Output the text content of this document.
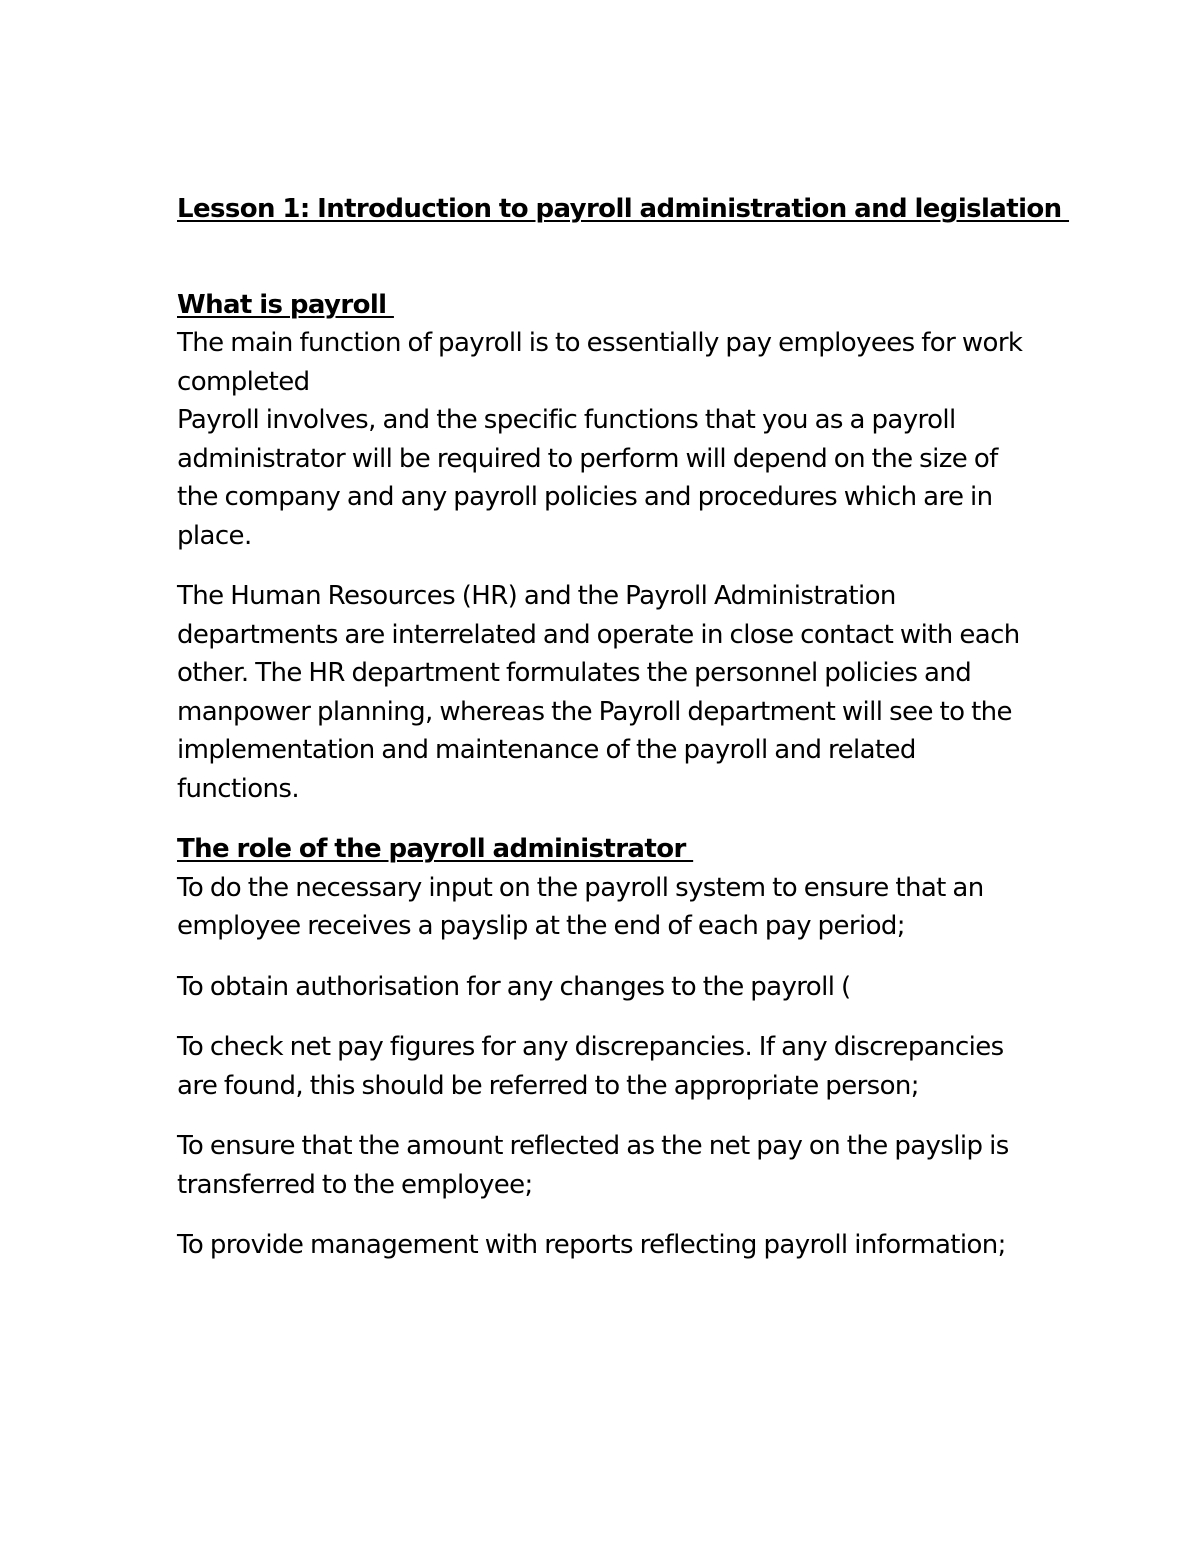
Lesson 1: Introduction to payroll administration and legislation
What is payroll

The main function of payroll is to essentially pay employees for work completed

Payroll involves, and the specific functions that you as a payroll administrator will be required to perform will depend on the size of the company and any payroll policies and procedures which are in place.

The Human Resources (HR) and the Payroll Administration departments are interrelated and operate in close contact with each other. The HR department formulates the personnel policies and manpower planning, whereas the Payroll department will see to the implementation and maintenance of the payroll and related functions.

The role of the payroll administrator

To do the necessary input on the payroll system to ensure that an employee receives a payslip at the end of each pay period;

To obtain authorisation for any changes to the payroll (

To check net pay figures for any discrepancies. If any discrepancies are found, this should be referred to the appropriate person;

To ensure that the amount reflected as the net pay on the payslip is transferred to the employee;

To provide management with reports reflecting payroll information;
